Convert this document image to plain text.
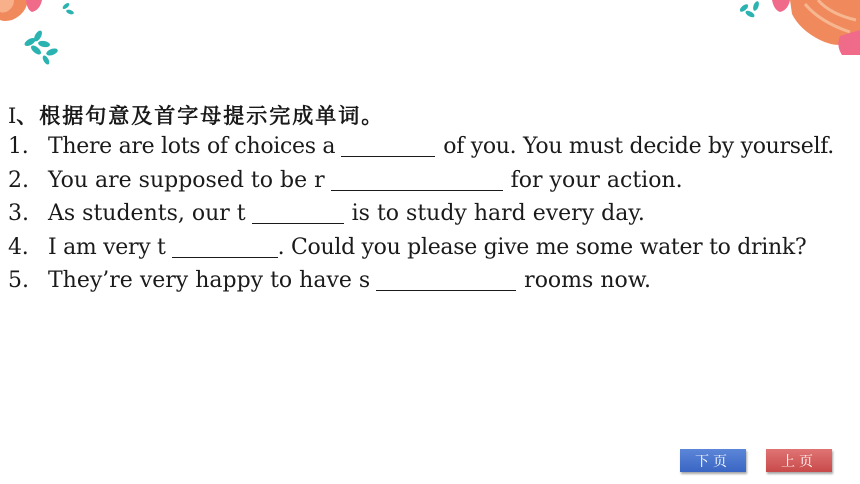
Ⅰ、根据句意及首字母提示完成单词。
1. There are lots of choices a	of you. You must decide by yourself.
2. You are supposed to be r	for your action.
3. As students, our t	is to study hard every day.
4. I am very t	. Could you please give me some water to drink?
5. They’re very happy to have s	rooms now.
下页	上页
